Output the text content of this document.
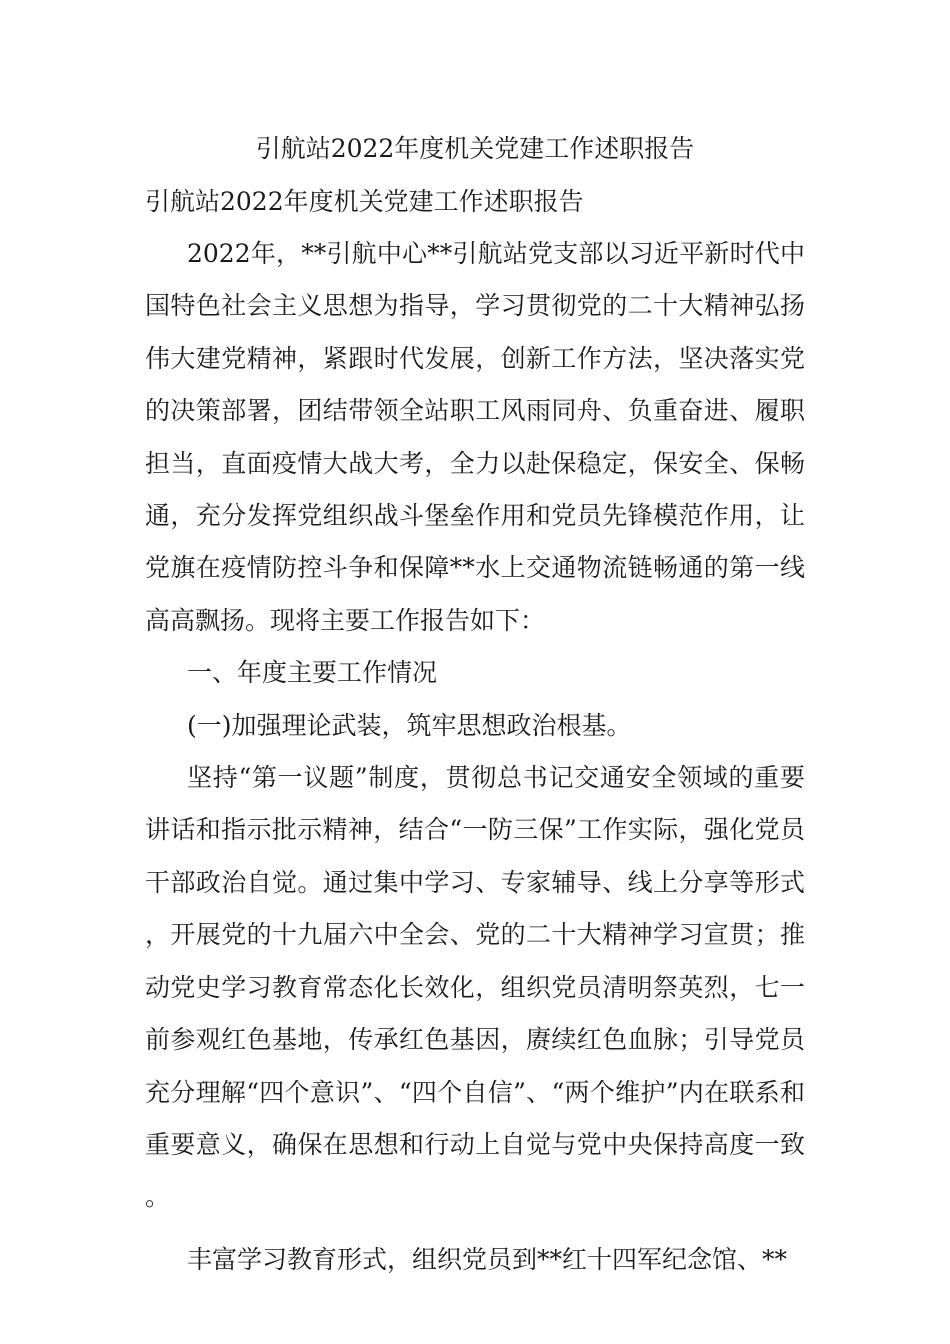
引航站2022年度机关党建工作述职报告
引航站2022年度机关党建工作述职报告

2022年，**引航中心**引航站党支部以习近平新时代中国特色社会主义思想为指导，学习贯彻党的二十大精神弘扬伟大建党精神，紧跟时代发展，创新工作方法，坚决落实党的决策部署，团结带领全站职工风雨同舟、负重奋进、履职担当，直面疫情大战大考，全力以赴保稳定，保安全、保畅通，充分发挥党组织战斗堡垒作用和党员先锋模范作用，让党旗在疫情防控斗争和保障**水上交通物流链畅通的第一线高高飘扬。现将主要工作报告如下：

一、年度主要工作情况

(一)加强理论武装，筑牢思想政治根基。

坚持“第一议题”制度，贯彻总书记交通安全领域的重要讲话和指示批示精神，结合“一防三保”工作实际，强化党员干部政治自觉。通过集中学习、专家辅导、线上分享等形式，开展党的十九届六中全会、党的二十大精神学习宣贯；推动党史学习教育常态化长效化，组织党员清明祭英烈，七一前参观红色基地，传承红色基因，赓续红色血脉；引导党员充分理解“四个意识”、“四个自信”、“两个维护”内在联系和重要意义，确保在思想和行动上自觉与党中央保持高度一致。

丰富学习教育形式，组织党员到**红十四军纪念馆、**
